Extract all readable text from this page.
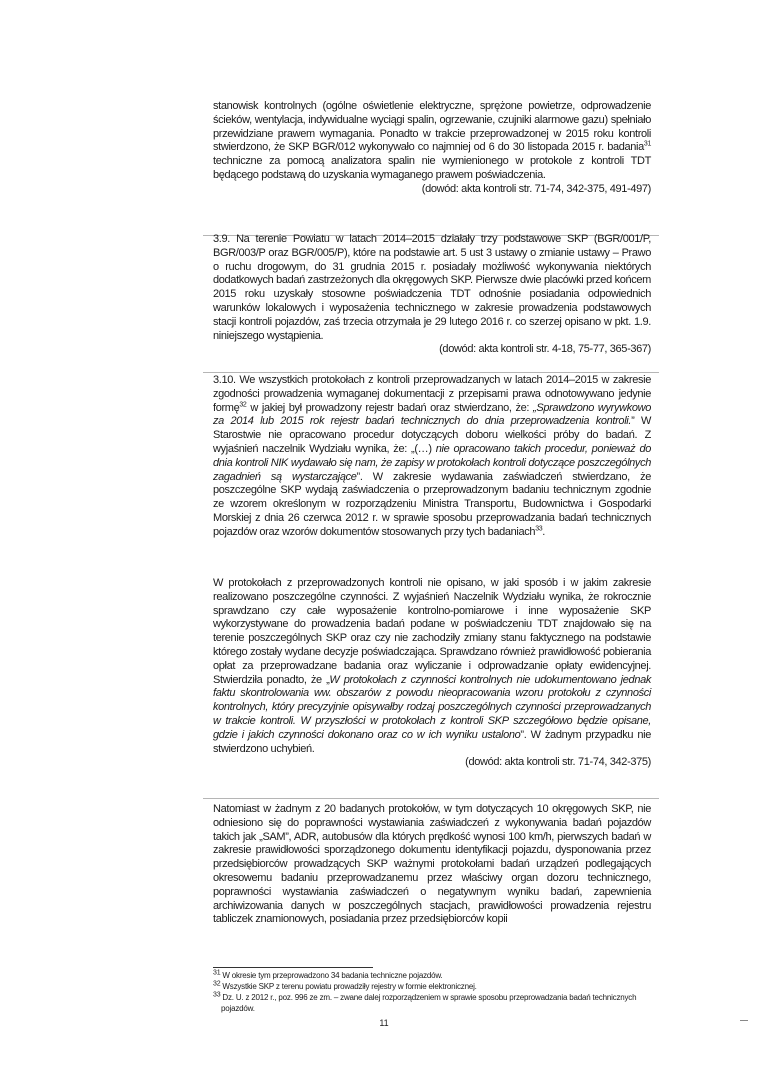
stanowisk kontrolnych (ogólne oświetlenie elektryczne, sprężone powietrze, odprowadzenie ścieków, wentylacja, indywidualne wyciągi spalin, ogrzewanie, czujniki alarmowe gazu) spełniało przewidziane prawem wymagania. Ponadto w trakcie przeprowadzonej w 2015 roku kontroli stwierdzono, że SKP BGR/012 wykonywało co najmniej od 6 do 30 listopada 2015 r. badania$^{31}$ techniczne za pomocą analizatora spalin nie wymienionego w protokole z kontroli TDT będącego podstawą do uzyskania wymaganego prawem poświadczenia.

(dowód: akta kontroli str. 71-74, 342-375, 491-497)

3.9. Na terenie Powiatu w latach 2014–2015 działały trzy podstawowe SKP (BGR/001/P, BGR/003/P oraz BGR/005/P), które na podstawie art. 5 ust 3 ustawy o zmianie ustawy – Prawo o ruchu drogowym, do 31 grudnia 2015 r. posiadały możliwość wykonywania niektórych dodatkowych badań zastrzeżonych dla okręgowych SKP. Pierwsze dwie placówki przed końcem 2015 roku uzyskały stosowne poświadczenia TDT odnośnie posiadania odpowiednich warunków lokalowych i wyposażenia technicznego w zakresie prowadzenia podstawowych stacji kontroli pojazdów, zaś trzecia otrzymała je 29 lutego 2016 r. co szerzej opisano w pkt. 1.9. niniejszego wystąpienia.

(dowód: akta kontroli str. 4-18, 75-77, 365-367)

3.10. We wszystkich protokołach z kontroli przeprowadzanych w latach 2014–2015 w zakresie zgodności prowadzenia wymaganej dokumentacji z przepisami prawa odnotowywano jedynie formę$^{32}$ w jakiej był prowadzony rejestr badań oraz stwierdzano, że: „Sprawdzono wyrywkowo za 2014 lub 2015 rok rejestr badań technicznych do dnia przeprowadzenia kontroli.” W Starostwie nie opracowano procedur dotyczących doboru wielkości próby do badań. Z wyjaśnień naczelnik Wydziału wynika, że: „(…) nie opracowano takich procedur, ponieważ do dnia kontroli NIK wydawało się nam, że zapisy w protokołach kontroli dotyczące poszczególnych zagadnień są wystarczające”. W zakresie wydawania zaświadczeń stwierdzano, że poszczególne SKP wydają zaświadczenia o przeprowadzonym badaniu technicznym zgodnie ze wzorem określonym w rozporządzeniu Ministra Transportu, Budownictwa i Gospodarki Morskiej z dnia 26 czerwca 2012 r. w sprawie sposobu przeprowadzania badań technicznych pojazdów oraz wzorów dokumentów stosowanych przy tych badaniach$^{33}$.

W protokołach z przeprowadzonych kontroli nie opisano, w jaki sposób i w jakim zakresie realizowano poszczególne czynności. Z wyjaśnień Naczelnik Wydziału wynika, że rokrocznie sprawdzano czy całe wyposażenie kontrolno-pomiarowe i inne wyposażenie SKP wykorzystywane do prowadzenia badań podane w poświadczeniu TDT znajdowało się na terenie poszczególnych SKP oraz czy nie zachodziły zmiany stanu faktycznego na podstawie którego zostały wydane decyzje poświadczająca. Sprawdzano również prawidłowość pobierania opłat za przeprowadzane badania oraz wyliczanie i odprowadzanie opłaty ewidencyjnej. Stwierdziła ponadto, że „W protokołach z czynności kontrolnych nie udokumentowano jednak faktu skontrolowania ww. obszarów z powodu nieopracowania wzoru protokołu z czynności kontrolnych, który precyzyjnie opisywałby rodzaj poszczególnych czynności przeprowadzanych w trakcie kontroli. W przyszłości w protokołach z kontroli SKP szczegółowo będzie opisane, gdzie i jakich czynności dokonano oraz co w ich wyniku ustalono”. W żadnym przypadku nie stwierdzono uchybień.

(dowód: akta kontroli str. 71-74, 342-375)

Natomiast w żadnym z 20 badanych protokołów, w tym dotyczących 10 okręgowych SKP, nie odniesiono się do poprawności wystawiania zaświadczeń z wykonywania badań pojazdów takich jak „SAM”, ADR, autobusów dla których prędkość wynosi 100 km/h, pierwszych badań w zakresie prawidłowości sporządzonego dokumentu identyfikacji pojazdu, dysponowania przez przedsiębiorców prowadzących SKP ważnymi protokołami badań urządzeń podlegających okresowemu badaniu przeprowadzanemu przez właściwy organ dozoru technicznego, poprawności wystawiania zaświadczeń o negatywnym wyniku badań, zapewnienia archiwizowania danych w poszczególnych stacjach, prawidłowości prowadzenia rejestru tabliczek znamionowych, posiadania przez przedsiębiorców kopii

$^{31}$ W okresie tym przeprowadzono 34 badania techniczne pojazdów.

$^{32}$ Wszystkie SKP z terenu powiatu prowadziły rejestry w formie elektronicznej.

$^{33}$ Dz. U. z 2012 r., poz. 996 ze zm. – zwane dalej rozporządzeniem w sprawie sposobu przeprowadzania badań technicznych

pojazdów.

11
